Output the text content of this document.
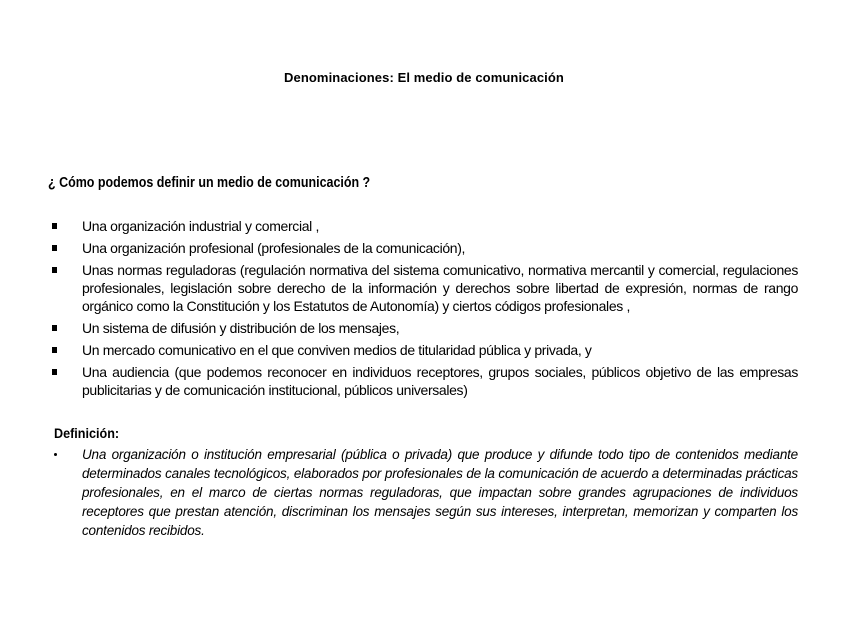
Denominaciones: El medio de comunicación
¿ Cómo podemos definir un medio de comunicación ?
Una organización industrial y comercial ,
Una organización profesional (profesionales de la comunicación),
Unas normas reguladoras (regulación normativa del sistema comunicativo, normativa mercantil y comercial, regulaciones profesionales, legislación sobre derecho de la información y derechos sobre libertad de expresión, normas de rango orgánico como la Constitución y los Estatutos de Autonomía) y ciertos códigos profesionales ,
Un sistema de difusión y distribución de los mensajes,
Un mercado comunicativo en el que conviven medios de titularidad pública y privada, y
Una audiencia (que podemos reconocer en individuos receptores, grupos sociales, públicos objetivo de las empresas publicitarias y de comunicación institucional, públicos universales)
Definición:
Una organización o institución empresarial (pública o privada) que produce y difunde todo tipo de contenidos mediante determinados canales tecnológicos, elaborados por profesionales de la comunicación de acuerdo a determinadas prácticas profesionales, en el marco de ciertas normas reguladoras, que impactan sobre grandes agrupaciones de individuos receptores que prestan atención, discriminan los mensajes según sus intereses, interpretan, memorizan y comparten los contenidos recibidos.
